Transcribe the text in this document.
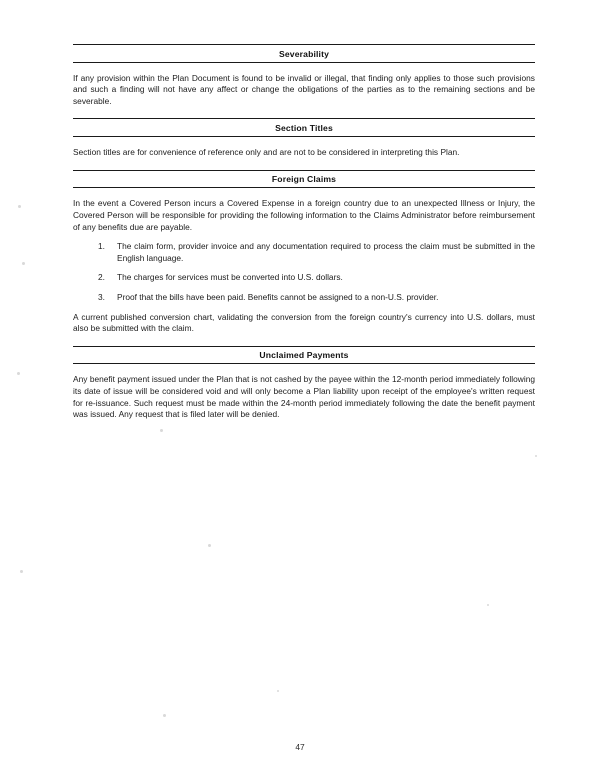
Severability

If any provision within the Plan Document is found to be invalid or illegal, that finding only applies to those such provisions and such a finding will not have any affect or change the obligations of the parties as to the remaining sections and be severable.

Section Titles

Section titles are for convenience of reference only and are not to be considered in interpreting this Plan.

Foreign Claims

In the event a Covered Person incurs a Covered Expense in a foreign country due to an unexpected Illness or Injury, the Covered Person will be responsible for providing the following information to the Claims Administrator before reimbursement of any benefits due are payable.

1.	The claim form, provider invoice and any documentation required to process the claim must be submitted in the English language.
2.	The charges for services must be converted into U.S. dollars.
3.	Proof that the bills have been paid. Benefits cannot be assigned to a non-U.S. provider.

A current published conversion chart, validating the conversion from the foreign country's currency into U.S. dollars, must also be submitted with the claim.

Unclaimed Payments

Any benefit payment issued under the Plan that is not cashed by the payee within the 12-month period immediately following its date of issue will be considered void and will only become a Plan liability upon receipt of the employee's written request for re-issuance. Such request must be made within the 24-month period immediately following the date the benefit payment was issued. Any request that is filed later will be denied.

47
